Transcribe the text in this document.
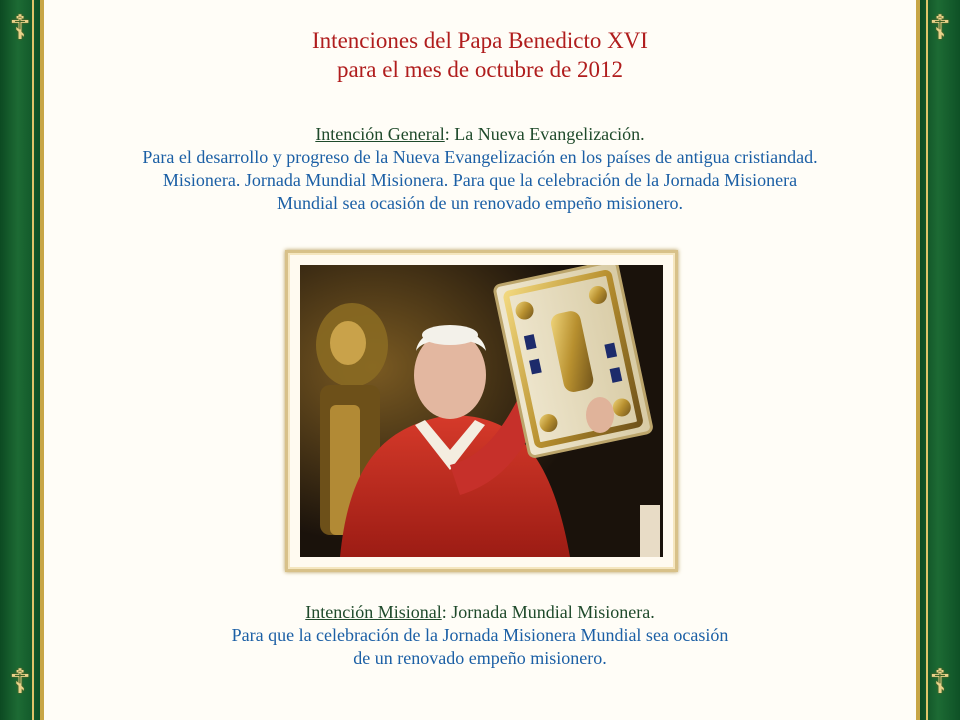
☦
☦
☦
☦
Intenciones del Papa Benedicto XVI
para el mes de octubre de 2012
Intención General: La Nueva Evangelización.
Para el desarrollo y progreso de la Nueva Evangelización en los países de antigua cristiandad.
Misionera. Jornada Mundial Misionera. Para que la celebración de la Jornada Misionera
Mundial sea ocasión de un renovado empeño misionero.
Intención Misional: Jornada Mundial Misionera.
Para que la celebración de la Jornada Misionera Mundial sea ocasión
de un renovado empeño misionero.
